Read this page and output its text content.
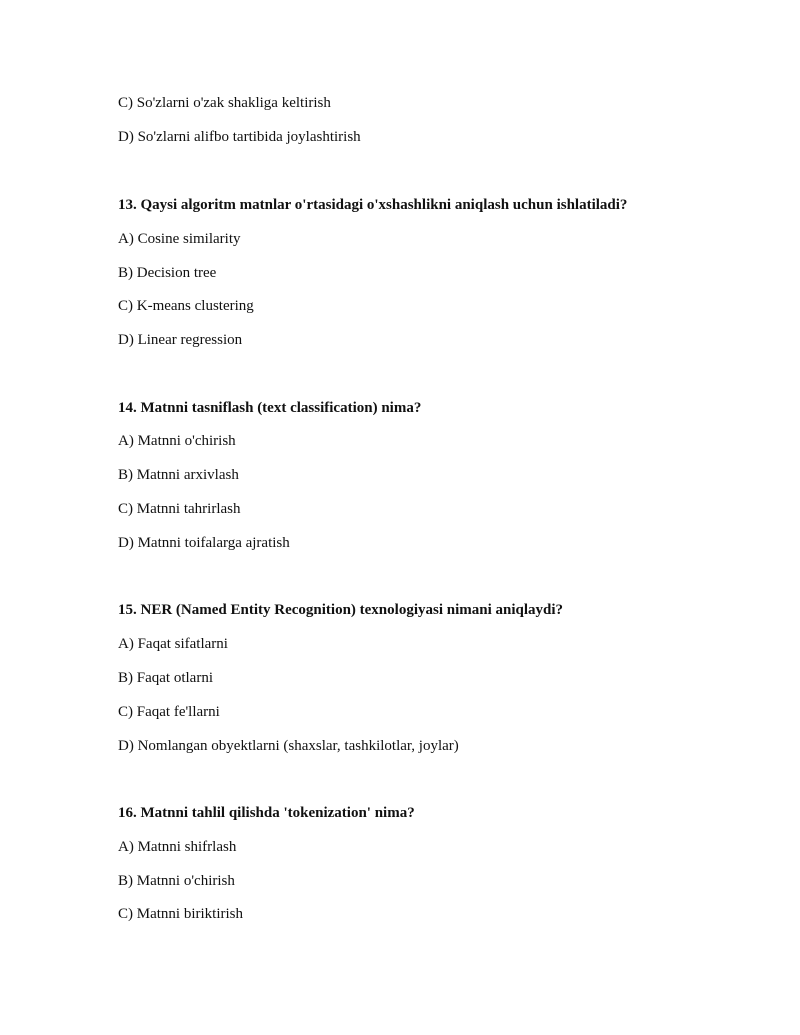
C) So'zlarni o'zak shakliga keltirish

D) So'zlarni alifbo tartibida joylashtirish

13. Qaysi algoritm matnlar o'rtasidagi o'xshashlikni aniqlash uchun ishlatiladi?

A) Cosine similarity

B) Decision tree

C) K-means clustering

D) Linear regression

14. Matnni tasniflash (text classification) nima?

A) Matnni o'chirish

B) Matnni arxivlash

C) Matnni tahrirlash

D) Matnni toifalarga ajratish

15. NER (Named Entity Recognition) texnologiyasi nimani aniqlaydi?

A) Faqat sifatlarni

B) Faqat otlarni

C) Faqat fe'llarni

D) Nomlangan obyektlarni (shaxslar, tashkilotlar, joylar)

16. Matnni tahlil qilishda 'tokenization' nima?

A) Matnni shifrlash

B) Matnni o'chirish

C) Matnni biriktirish
